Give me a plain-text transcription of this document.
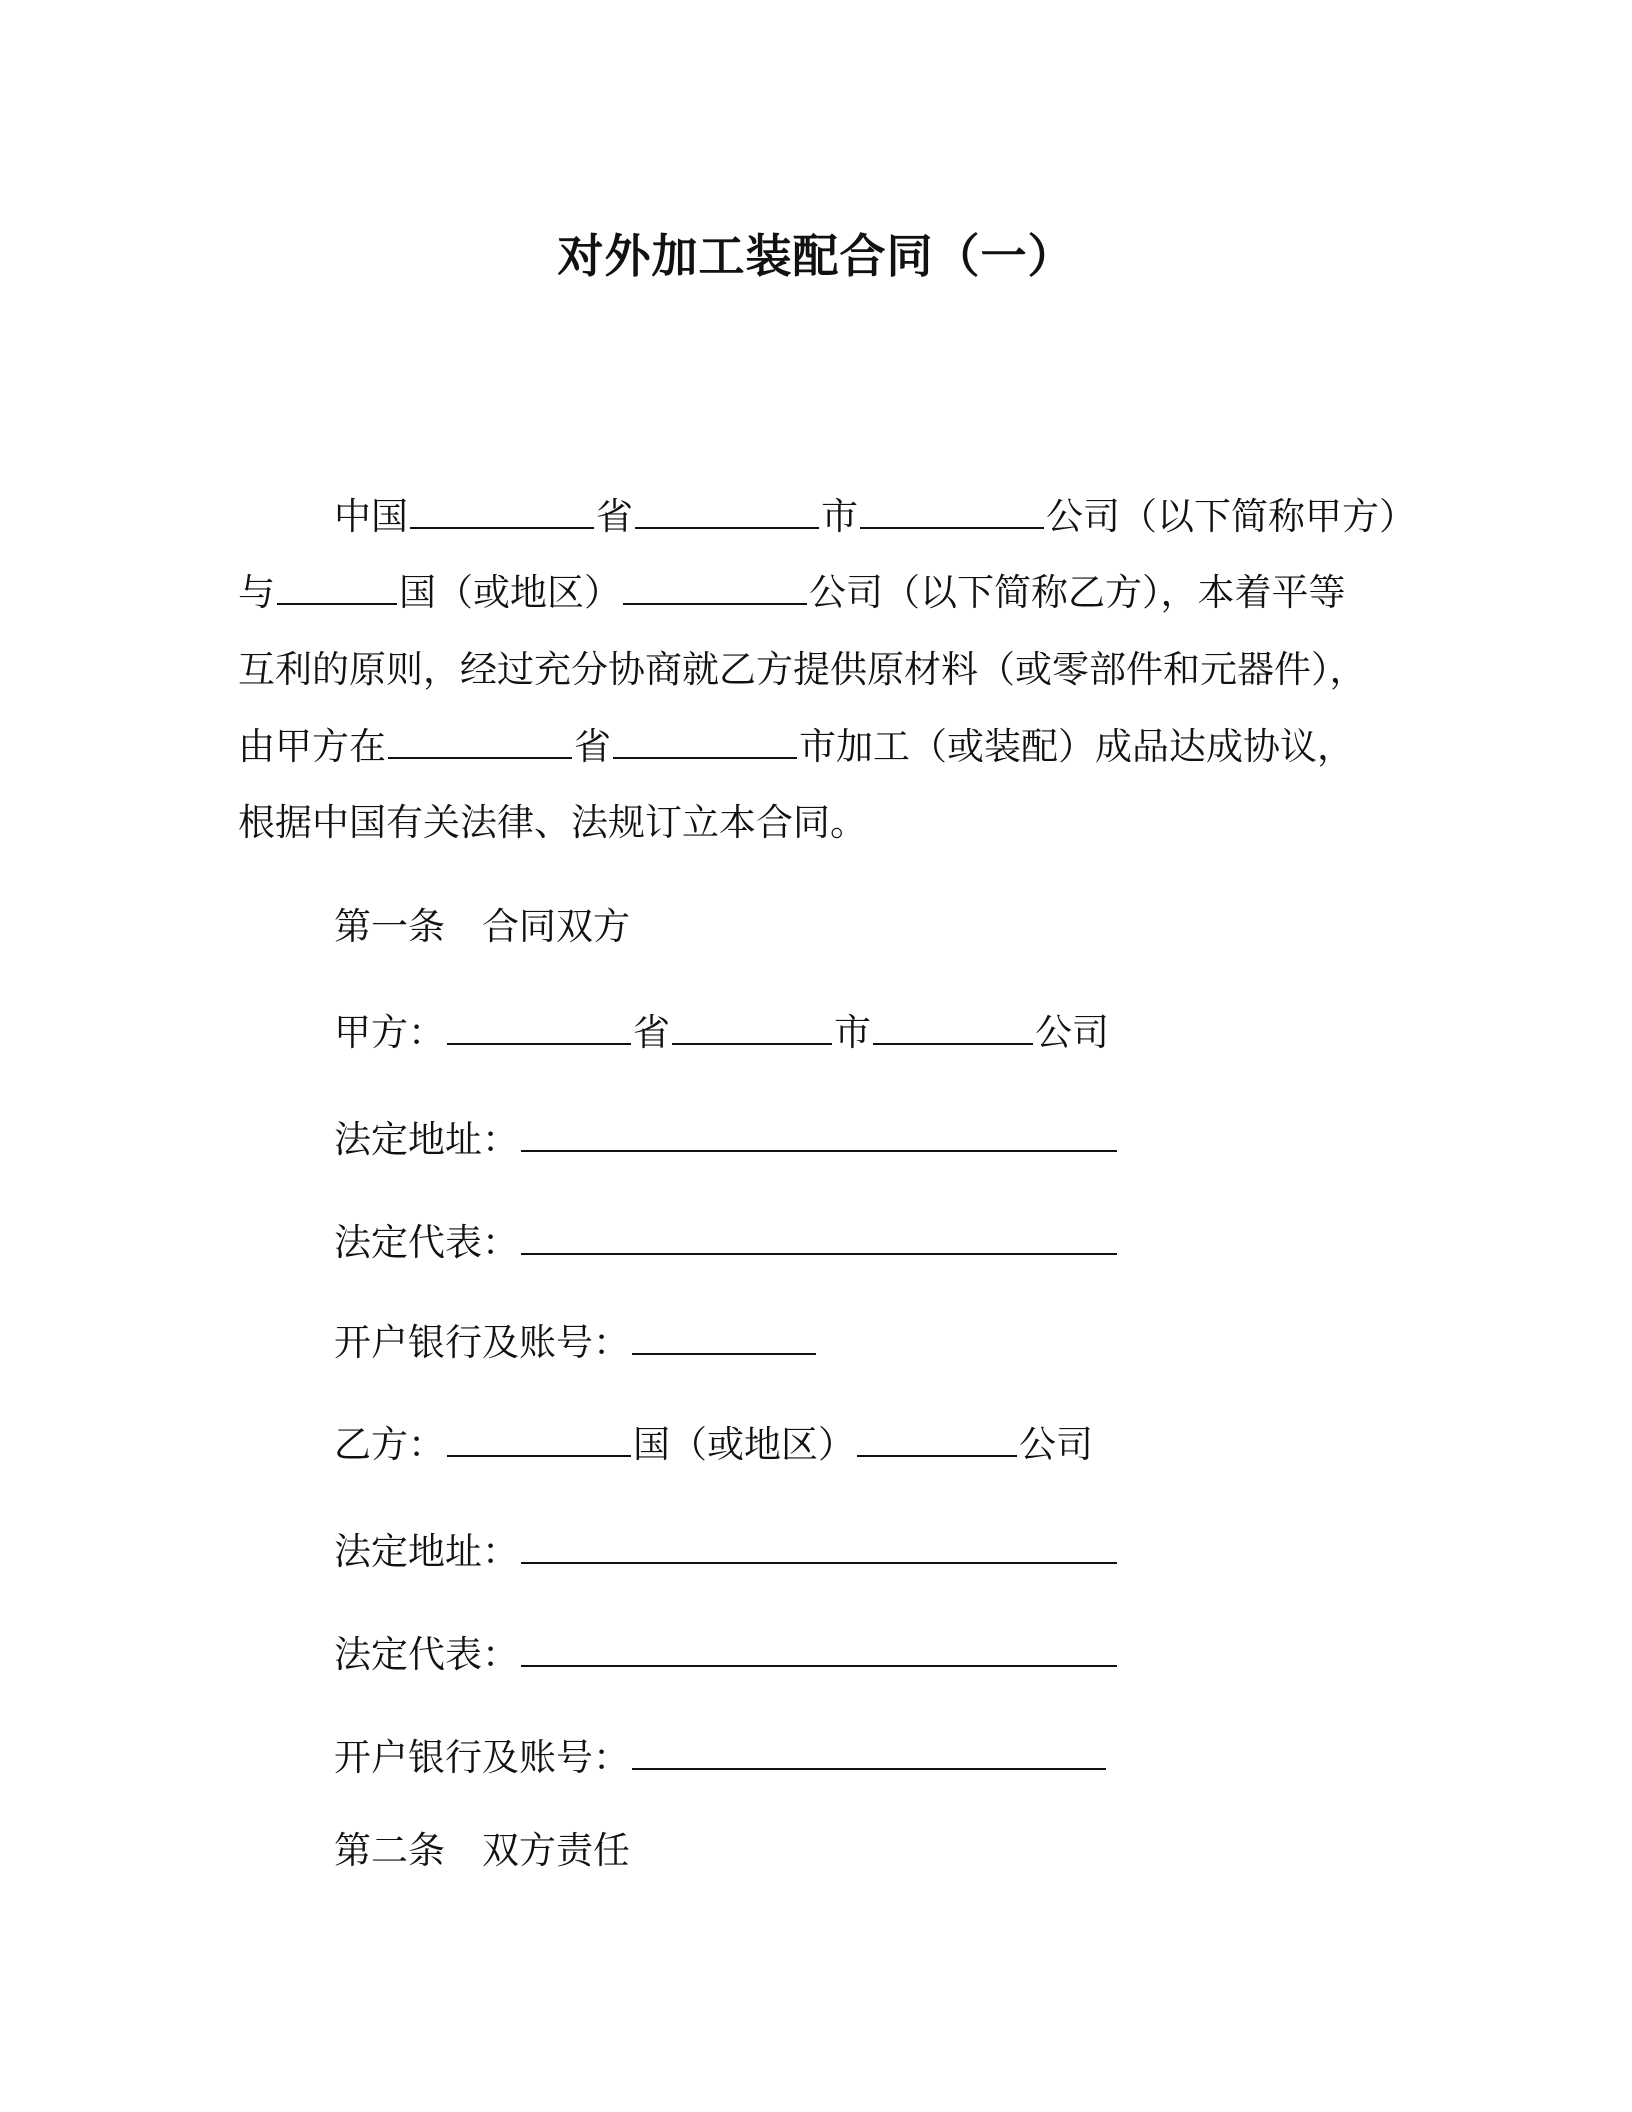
对外加工装配合同（一）
中国	省	市	公司（以下简称甲方）
与	国（或地区）	公司（以下简称乙方），本着平等
互利的原则，经过充分协商就乙方提供原材料（或零部件和元器件），
由甲方在	省	市加工（或装配）成品达成协议，
根据中国有关法律、法规订立本合同。
第一条　合同双方
甲方：	省	市	公司
法定地址：
法定代表：
开户银行及账号：
乙方：	国（或地区）	公司
法定地址：
法定代表：
开户银行及账号：
第二条　双方责任
